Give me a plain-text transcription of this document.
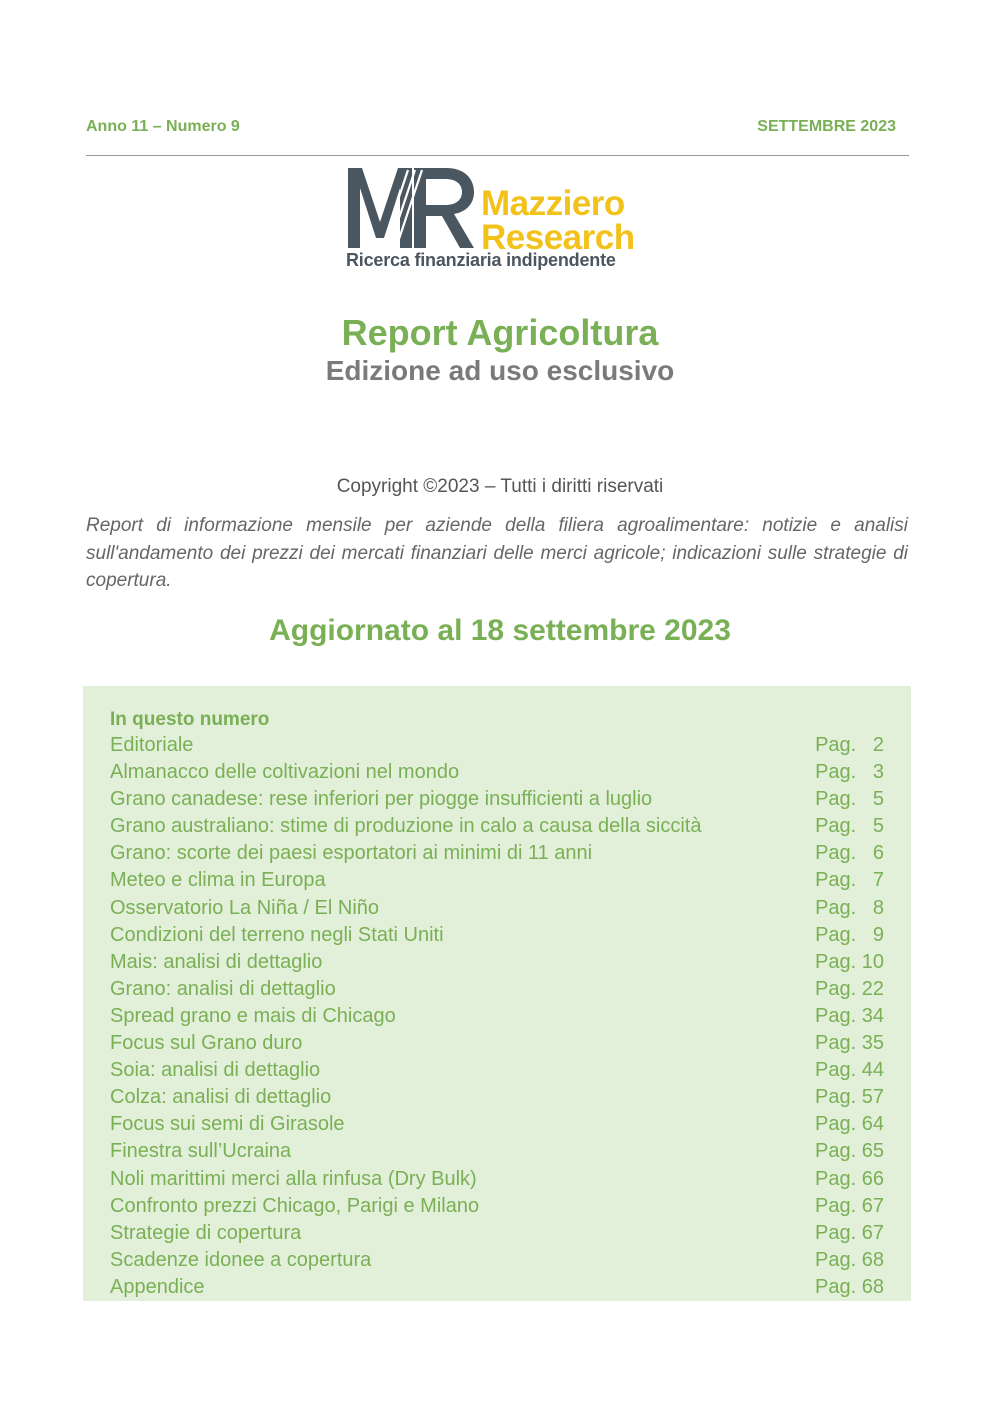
Anno 11 – Numero 9	SETTEMBRE 2023
Mazziero
Research
Ricerca finanziaria indipendente
Report Agricoltura
Edizione ad uso esclusivo
Copyright ©2023 – Tutti i diritti riservati
Report di informazione mensile per aziende della filiera agroalimentare: notizie e analisi sull'andamento dei prezzi dei mercati finanziari delle merci agricole; indicazioni sulle strategie di copertura.
Aggiornato al 18 settembre 2023
In questo numero
Editoriale	Pag.   2
Almanacco delle coltivazioni nel mondo	Pag.   3
Grano canadese: rese inferiori per piogge insufficienti a luglio	Pag.   5
Grano australiano: stime di produzione in calo a causa della siccità	Pag.   5
Grano: scorte dei paesi esportatori ai minimi di 11 anni	Pag.   6
Meteo e clima in Europa	Pag.   7
Osservatorio La Niña / El Niño	Pag.   8
Condizioni del terreno negli Stati Uniti	Pag.   9
Mais: analisi di dettaglio	Pag. 10
Grano: analisi di dettaglio	Pag. 22
Spread grano e mais di Chicago	Pag. 34
Focus sul Grano duro	Pag. 35
Soia: analisi di dettaglio	Pag. 44
Colza: analisi di dettaglio	Pag. 57
Focus sui semi di Girasole	Pag. 64
Finestra sull’Ucraina	Pag. 65
Noli marittimi merci alla rinfusa (Dry Bulk)	Pag. 66
Confronto prezzi Chicago, Parigi e Milano	Pag. 67
Strategie di copertura	Pag. 67
Scadenze idonee a copertura	Pag. 68
Appendice	Pag. 68
